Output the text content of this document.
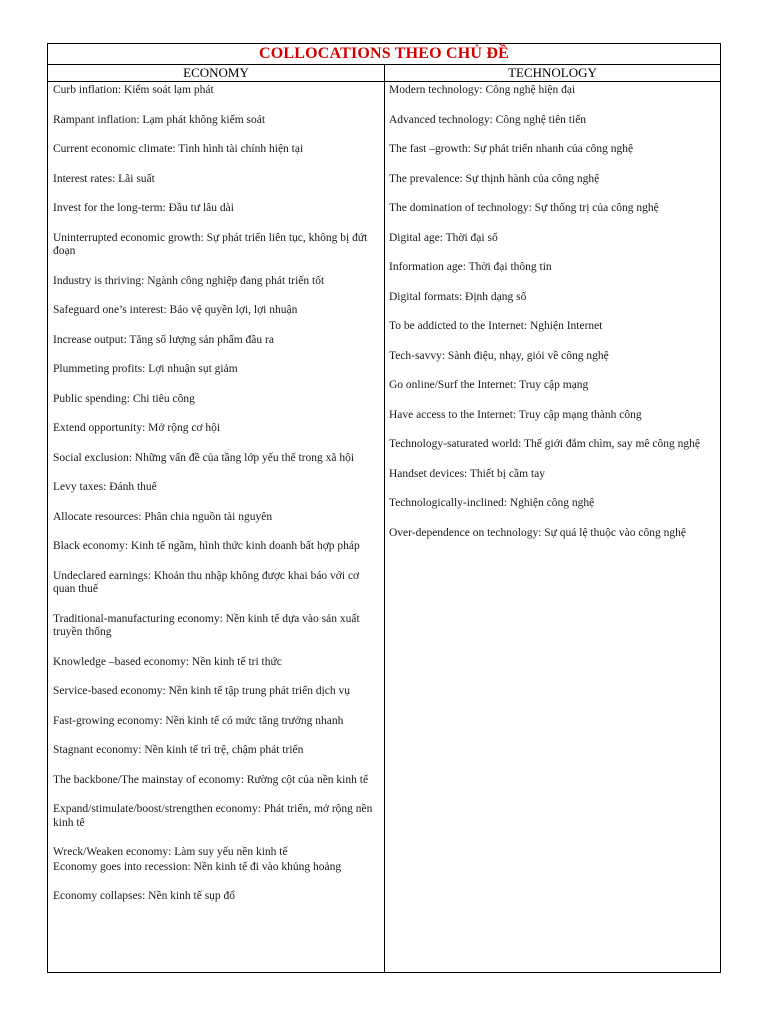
COLLOCATIONS THEO CHỦ ĐỀ
ECONOMY	TECHNOLOGY
Curb inflation: Kiểm soát lạm phát
Rampant inflation: Lạm phát không kiểm soát
Current economic climate: Tình hình tài chính hiện tại
Interest rates: Lãi suất
Invest for the long-term: Đầu tư lâu dài
Uninterrupted economic growth: Sự phát triển liên tục, không bị đứt đoạn
Industry is thriving: Ngành công nghiệp đang phát triển tốt
Safeguard one’s interest: Bảo vệ quyền lợi, lợi nhuận
Increase output: Tăng số lượng sản phẩm đầu ra
Plummeting profits: Lợi nhuận sụt giảm
Public spending: Chi tiêu công
Extend opportunity: Mở rộng cơ hội
Social exclusion: Những vấn đề của tầng lớp yếu thế trong xã hội
Levy taxes: Đánh thuế
Allocate resources: Phân chia nguồn tài nguyên
Black economy: Kinh tế ngầm, hình thức kinh doanh bất hợp pháp
Undeclared earnings: Khoản thu nhập không được khai báo với cơ quan thuế
Traditional-manufacturing economy: Nền kinh tế dựa vào sản xuất truyền thống
Knowledge –based economy: Nền kinh tế tri thức
Service-based economy: Nền kinh tế tập trung phát triển dịch vụ
Fast-growing economy: Nền kinh tế có mức tăng trưởng nhanh
Stagnant economy: Nền kinh tế trì trệ, chậm phát triển
The backbone/The mainstay of economy: Rường cột của nền kinh tế
Expand/stimulate/boost/strengthen economy: Phát triển, mở rộng nền kinh tế
Wreck/Weaken economy: Làm suy yếu nền kinh tế
Economy goes into recession: Nền kinh tế đi vào khủng hoảng
Economy collapses: Nền kinh tế sụp đổ
Modern technology: Công nghệ hiện đại
Advanced technology: Công nghệ tiên tiến
The fast –growth: Sự phát triển nhanh của công nghệ
The prevalence: Sự thịnh hành của công nghệ
The domination of technology: Sự thống trị của công nghệ
Digital age: Thời đại số
Information age: Thời đại thông tin
Digital formats: Định dạng số
To be addicted to the Internet: Nghiện Internet
Tech-savvy: Sành điệu, nhạy, giỏi về công nghệ
Go online/Surf the Internet: Truy cập mạng
Have access to the Internet: Truy cập mạng thành công
Technology-saturated world: Thế giới đắm chìm, say mê công nghệ
Handset devices: Thiết bị cầm tay
Technologically-inclined: Nghiện công nghệ
Over-dependence on technology: Sự quá lệ thuộc vào công nghệ
